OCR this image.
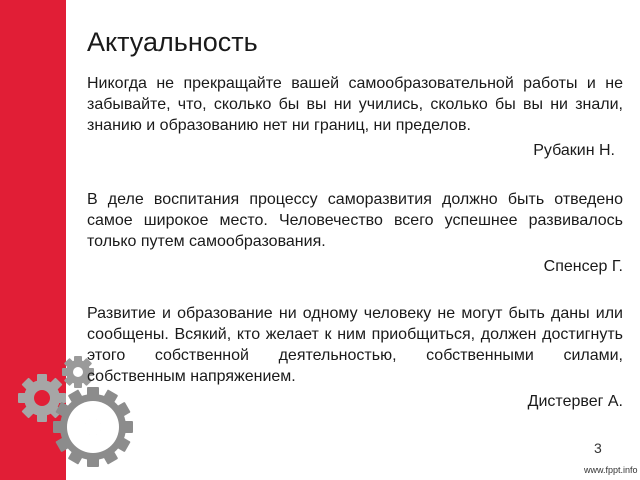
Актуальность

Никогда не прекращайте вашей самообразовательной работы и не забывайте, что, сколько бы вы ни учились, сколько бы вы ни знали, знанию и образованию нет ни границ, ни пределов.

Рубакин Н.

В деле воспитания процессу саморазвития должно быть отведено самое широкое место. Человечество всего успешнее развивалось только путем самообразования.

Спенсер Г.

Развитие и образование ни одному человеку не могут быть даны или сообщены. Всякий, кто желает к ним приобщиться, должен достигнуть этого собственной деятельностью, собственными силами, собственным напряжением.

Дистервег А.

3
www.fppt.info
